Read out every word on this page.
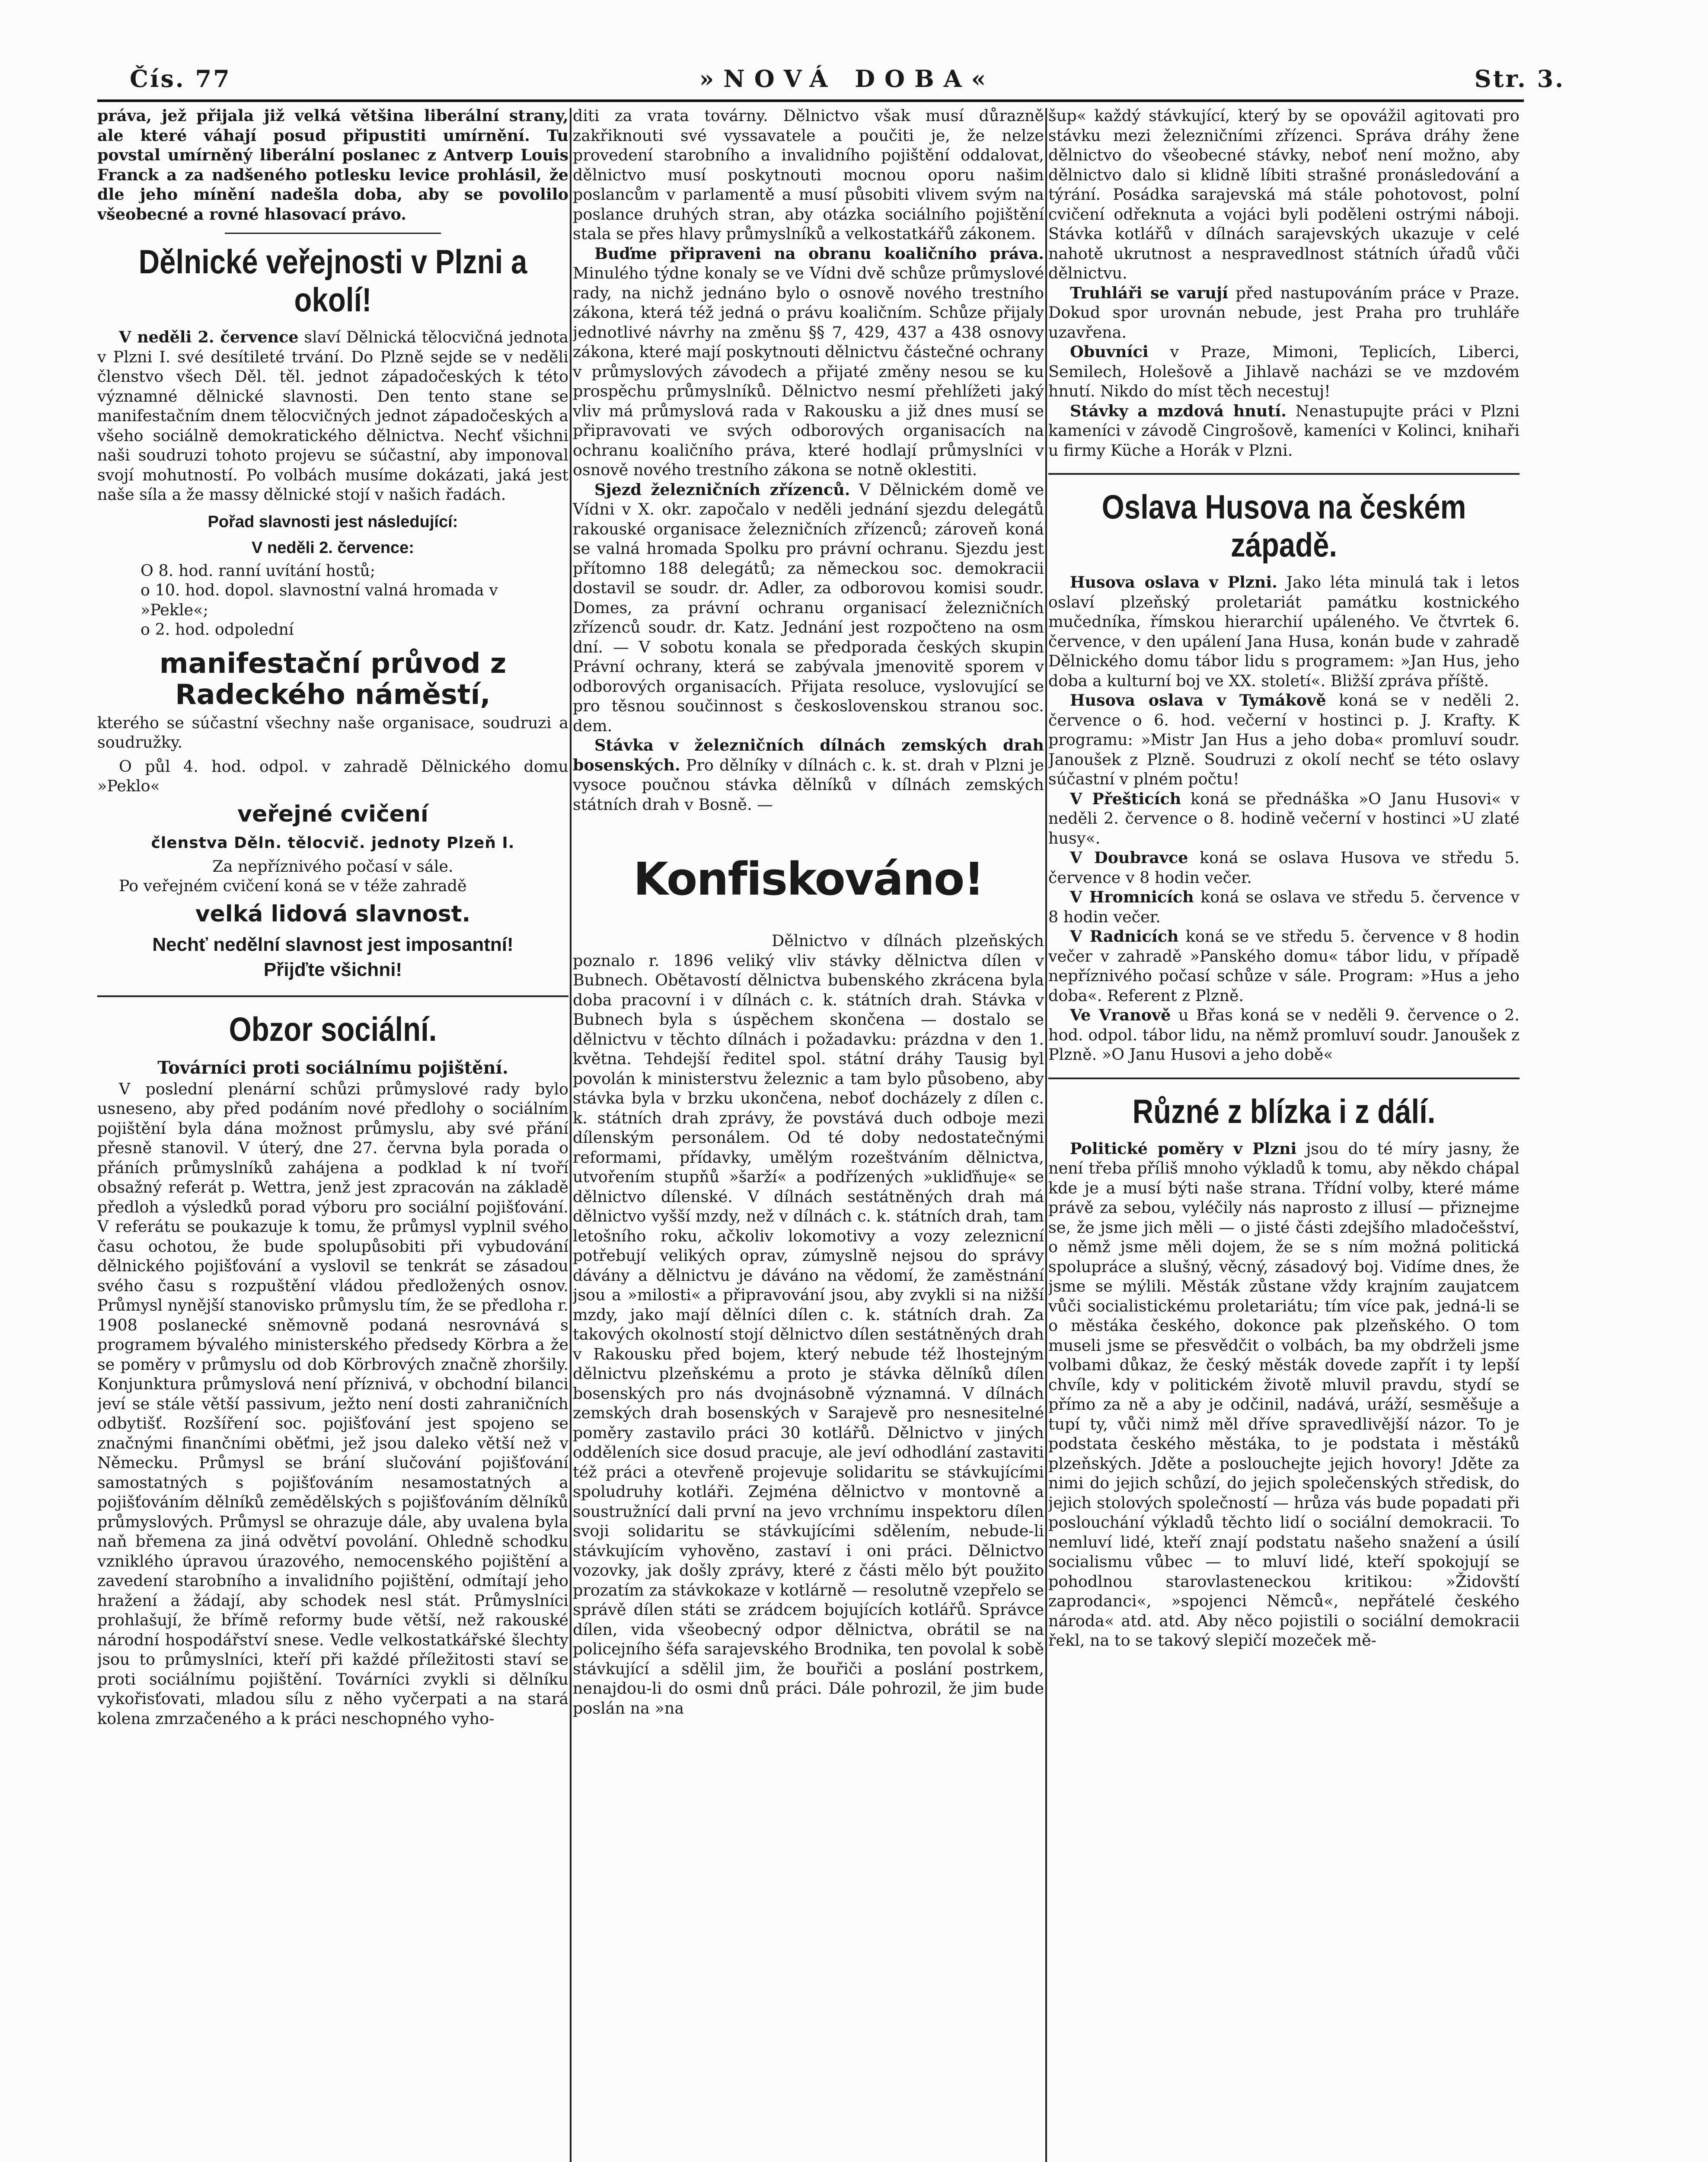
Čís. 77	»NOVÁ DOBA«	Str. 3.

práva, jež přijala již velká většina liberální strany, ale které váhají posud připustiti umírnění. Tu povstal umírněný liberální poslanec z Antverp Louis Franck a za nadšeného potlesku levice prohlásil, že dle jeho mínění nadešla doba, aby se povolilo všeobecné a rovné hlasovací právo.

Dělnické veřejnosti v Plzni a okolí!

V neděli 2. července slaví Dělnická tělocvičná jednota v Plzni I. své desítileté trvání. Do Plzně sejde se v neděli členstvo všech Děl. těl. jednot západočeských k této významné dělnické slavnosti. Den tento stane se manifestačním dnem tělocvičných jednot západočeských a všeho sociálně demokratického dělnictva. Nechť všichni naši soudruzi tohoto projevu se súčastní, aby imponoval svojí mohutností. Po volbách musíme dokázati, jaká jest naše síla a že massy dělnické stojí v našich řadách.

Pořad slavnosti jest následující:

V neděli 2. července:

O 8. hod. ranní uvítání hostů;

o 10. hod. dopol. slavnostní valná hromada v »Pekle«;

o 2. hod. odpolední

manifestační průvod z Radeckého náměstí,

kterého se súčastní všechny naše organisace, soudruzi a soudružky.

O půl 4. hod. odpol. v zahradě Dělnického domu »Peklo«

veřejné cvičení

členstva Děln. tělocvič. jednoty Plzeň I.

Za nepříznivého počasí v sále.

Po veřejném cvičení koná se v téže zahradě

velká lidová slavnost.

Nechť nedělní slavnost jest imposantní!

Přijďte všichni!

Obzor sociální.

Továrníci proti sociálnímu pojištění.

V poslední plenární schůzi průmyslové rady bylo usneseno, aby před podáním nové předlohy o sociálním pojištění byla dána možnost průmyslu, aby své přání přesně stanovil. V úterý, dne 27. června byla porada o přáních průmyslníků zahájena a podklad k ní tvoří obsažný referát p. Wettra, jenž jest zpracován na základě předloh a výsledků porad výboru pro sociální pojišťování. V referátu se poukazuje k tomu, že průmysl vyplnil svého času ochotou, že bude spolupůsobiti při vybudování dělnického pojišťování a vyslovil se tenkrát se zásadou svého času s rozpuštění vládou předložených osnov. Průmysl nynější stanovisko průmyslu tím, že se předloha r. 1908 poslanecké sněmovně podaná nesrovnává s programem bývalého ministerského předsedy Körbra a že se poměry v průmyslu od dob Körbrových značně zhoršily. Konjunktura průmyslová není příznivá, v obchodní bilanci jeví se stále větší passivum, ježto není dosti zahraničních odbytišť. Rozšíření soc. pojišťování jest spojeno se značnými finančními oběťmi, jež jsou daleko větší než v Německu. Průmysl se brání slučování pojišťování samostatných s pojišťováním nesamostatných a pojišťováním dělníků zemědělských s pojišťováním dělníků průmyslových. Průmysl se ohrazuje dále, aby uvalena byla naň břemena za jiná odvětví povolání. Ohledně schodku vzniklého úpravou úrazového, nemocenského pojištění a zavedení starobního a invalidního pojištění, odmítají jeho hražení a žádají, aby schodek nesl stát. Průmyslníci prohlašují, že břímě reformy bude větší, než rakouské národní hospodářství snese. Vedle velkostatkářské šlechty jsou to průmyslníci, kteří při každé příležitosti staví se proti sociálnímu pojištění. Továrníci zvykli si dělníku vykořisťovati, mladou sílu z něho vyčerpati a na stará kolena zmrzačeného a k práci neschopného vyho-

diti za vrata továrny. Dělnictvo však musí důrazně zakřiknouti své vyssavatele a poučiti je, že nelze provedení starobního a invalidního pojištění oddalovat, dělnictvo musí poskytnouti mocnou oporu našim poslancům v parlamentě a musí působiti vlivem svým na poslance druhých stran, aby otázka sociálního pojištění stala se přes hlavy průmyslníků a velkostatkářů zákonem.

Buďme připraveni na obranu koaličního práva. Minulého týdne konaly se ve Vídni dvě schůze průmyslové rady, na nichž jednáno bylo o osnově nového trestního zákona, která též jedná o právu koaličním. Schůze přijaly jednotlivé návrhy na změnu §§ 7, 429, 437 a 438 osnovy zákona, které mají poskytnouti dělnictvu částečné ochrany v průmyslových závodech a přijaté změny nesou se ku prospěchu průmyslníků. Dělnictvo nesmí přehlížeti jaký vliv má průmyslová rada v Rakousku a již dnes musí se připravovati ve svých odborových organisacích na ochranu koaličního práva, které hodlají průmyslníci v osnově nového trestního zákona se notně oklestiti.

Sjezd železničních zřízenců. V Dělnickém domě ve Vídni v X. okr. započalo v neděli jednání sjezdu delegátů rakouské organisace železničních zřízenců; zároveň koná se valná hromada Spolku pro právní ochranu. Sjezdu jest přítomno 188 delegátů; za německou soc. demokracii dostavil se soudr. dr. Adler, za odborovou komisi soudr. Domes, za právní ochranu organisací železničních zřízenců soudr. dr. Katz. Jednání jest rozpočteno na osm dní. — V sobotu konala se předporada českých skupin Právní ochrany, která se zabývala jmenovitě sporem v odborových organisacích. Přijata resoluce, vyslovující se pro těsnou součinnost s československou stranou soc. dem.

Stávka v železničních dílnách zemských drah bosenských. Pro dělníky v dílnách c. k. st. drah v Plzni je vysoce poučnou stávka dělníků v dílnách zemských státních drah v Bosně. —

Konfiskováno!

Dělnictvo v dílnách plzeňských poznalo r. 1896 veliký vliv stávky dělnictva dílen v Bubnech. Obětavostí dělnictva bubenského zkrácena byla doba pracovní i v dílnách c. k. státních drah. Stávka v Bubnech byla s úspěchem skončena — dostalo se dělnictvu v těchto dílnách i požadavku: prázdna v den 1. května. Tehdejší ředitel spol. státní dráhy Tausig byl povolán k ministerstvu železnic a tam bylo působeno, aby stávka byla v brzku ukončena, neboť docházely z dílen c. k. státních drah zprávy, že povstává duch odboje mezi dílenským personálem. Od té doby nedostatečnými reformami, přídavky, umělým rozeštváním dělnictva, utvořením stupňů »šarží« a podřízených »ukliďňuje« se dělnictvo dílenské. V dílnách sestátněných drah má dělnictvo vyšší mzdy, než v dílnách c. k. státních drah, tam letošního roku, ačkoliv lokomotivy a vozy zeleznicní potřebují velikých oprav, zúmyslně nejsou do správy dávány a dělnictvu je dáváno na vědomí, že zaměstnání jsou a »milosti« a připravování jsou, aby zvykli si na nižší mzdy, jako mají dělníci dílen c. k. státních drah. Za takových okolností stojí dělnictvo dílen sestátněných drah v Rakousku před bojem, který nebude též lhostejným dělnictvu plzeňskému a proto je stávka dělníků dílen bosenských pro nás dvojnásobně významná. V dílnách zemských drah bosenských v Sarajevě pro nesnesitelné poměry zastavilo práci 30 kotlářů. Dělnictvo v jiných odděleních sice dosud pracuje, ale jeví odhodlání zastaviti též práci a otevřeně projevuje solidaritu se stávkujícími spoludruhy kotláři. Zejména dělnictvo v montovně a soustružnící dali první na jevo vrchnímu inspektoru dílen svoji solidaritu se stávkujícími sdělením, nebude-li stávkujícím vyhověno, zastaví i oni práci. Dělnictvo vozovky, jak došly zprávy, které z části mělo být použito prozatím za stávkokaze v kotlárně — resolutně vzepřelo se správě dílen státi se zrádcem bojujících kotlářů. Správce dílen, vida všeobecný odpor dělnictva, obrátil se na policejního šéfa sarajevského Brodnika, ten povolal k sobě stávkující a sdělil jim, že bouřiči a poslání postrkem, nenajdou-li do osmi dnů práci. Dále pohrozil, že jim bude poslán na »na

šup« každý stávkující, který by se opovážil agitovati pro stávku mezi železničními zřízenci. Správa dráhy žene dělnictvo do všeobecné stávky, neboť není možno, aby dělnictvo dalo si klidně líbiti strašné pronásledování a týrání. Posádka sarajevská má stále pohotovost, polní cvičení odřeknuta a vojáci byli poděleni ostrými náboji. Stávka kotlářů v dílnách sarajevských ukazuje v celé nahotě ukrutnost a nespravedlnost státních úřadů vůči dělnictvu.

Truhláři se varují před nastupováním práce v Praze. Dokud spor urovnán nebude, jest Praha pro truhláře uzavřena.

Obuvníci v Praze, Mimoni, Teplicích, Liberci, Semilech, Holešově a Jihlavě nacházi se ve mzdovém hnutí. Nikdo do míst těch necestuj!

Stávky a mzdová hnutí. Nenastupujte práci v Plzni kameníci v závodě Cingrošově, kameníci v Kolinci, knihaři u firmy Küche a Horák v Plzni.

Oslava Husova na českém západě.

Husova oslava v Plzni. Jako léta minulá tak i letos oslaví plzeňský proletariát památku kostnického mučedníka, římskou hierarchií upáleného. Ve čtvrtek 6. července, v den upálení Jana Husa, konán bude v zahradě Dělnického domu tábor lidu s programem: »Jan Hus, jeho doba a kulturní boj ve XX. století«. Bližší zpráva příště.

Husova oslava v Tymákově koná se v neděli 2. července o 6. hod. večerní v hostinci p. J. Krafty. K programu: »Mistr Jan Hus a jeho doba« promluví soudr. Janoušek z Plzně. Soudruzi z okolí nechť se této oslavy súčastní v plném počtu!

V Přešticích koná se přednáška »O Janu Husovi« v neděli 2. července o 8. hodině večerní v hostinci »U zlaté husy«.

V Doubravce koná se oslava Husova ve středu 5. července v 8 hodin večer.

V Hromnicích koná se oslava ve středu 5. července v 8 hodin večer.

V Radnicích koná se ve středu 5. července v 8 hodin večer v zahradě »Panského domu« tábor lidu, v případě nepříznivého počasí schůze v sále. Program: »Hus a jeho doba«. Referent z Plzně.

Ve Vranově u Břas koná se v neděli 9. července o 2. hod. odpol. tábor lidu, na němž promluví soudr. Janoušek z Plzně. »O Janu Husovi a jeho době«

Různé z blízka i z dálí.

Politické poměry v Plzni jsou do té míry jasny, že není třeba příliš mnoho výkladů k tomu, aby někdo chápal kde je a musí býti naše strana. Třídní volby, které máme právě za sebou, vyléčily nás naprosto z illusí — přiznejme se, že jsme jich měli — o jisté části zdejšího mladočešství, o němž jsme měli dojem, že se s ním možná politická spolupráce a slušný, věcný, zásadový boj. Vidíme dnes, že jsme se mýlili. Městák zůstane vždy krajním zaujatcem vůči socialistickému proletariátu; tím více pak, jedná-li se o městáka českého, dokonce pak plzeňského. O tom museli jsme se přesvědčit o volbách, ba my obdrželi jsme volbami důkaz, že český městák dovede zapřít i ty lepší chvíle, kdy v politickém životě mluvil pravdu, stydí se přímo za ně a aby je odčinil, nadává, uráží, sesměšuje a tupí ty, vůči nimž měl dříve spravedlivější názor. To je podstata českého městáka, to je podstata i městáků plzeňských. Jděte a poslouchejte jejich hovory! Jděte za nimi do jejich schůzí, do jejich společenských středisk, do jejich stolových společností — hrůza vás bude popadati při poslouchání výkladů těchto lidí o sociální demokracii. To nemluví lidé, kteří znají podstatu našeho snažení a úsilí socialismu vůbec — to mluví lidé, kteří spokojují se pohodlnou starovlasteneckou kritikou: »Židovští zaprodanci«, »spojenci Němců«, nepřátelé českého národa« atd. atd. Aby něco pojistili o sociální demokracii řekl, na to se takový slepičí mozeček mě-
